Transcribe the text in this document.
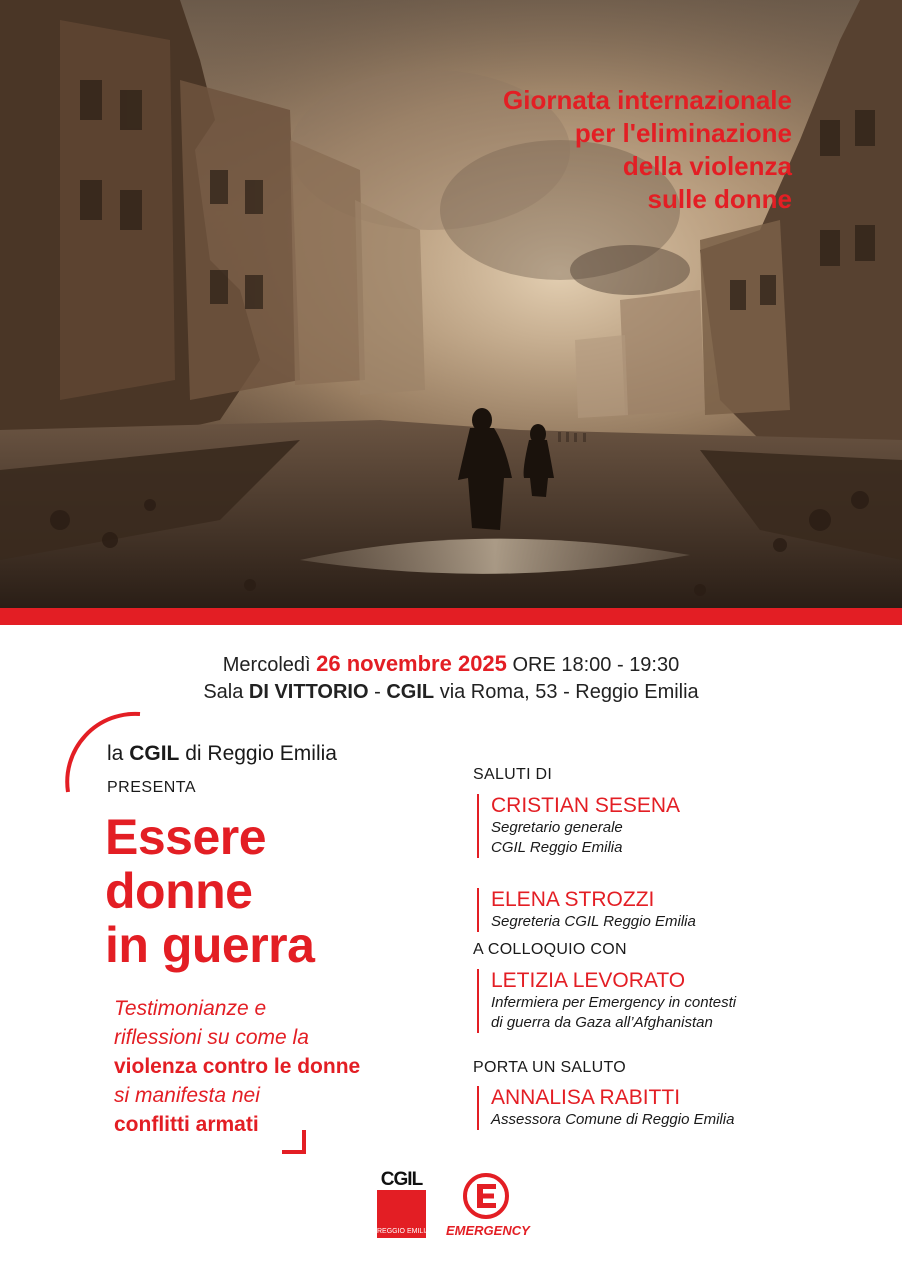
Giornata internazionale
per l'eliminazione
della violenza
sulle donne
Mercoledì 26 novembre 2025 ORE 18:00 - 19:30
Sala DI VITTORIO - CGIL via Roma, 53 - Reggio Emilia
la CGIL di Reggio Emilia
PRESENTA
Essere
donne
in guerra
Testimonianze e
riflessioni su come la
violenza contro le donne
si manifesta nei
conflitti armati
SALUTI DI
CRISTIAN SESENA
Segretario generale
CGIL Reggio Emilia
ELENA STROZZI
Segreteria CGIL Reggio Emilia
A COLLOQUIO CON
LETIZIA LEVORATO
Infermiera per Emergency in contesti
di guerra da Gaza all’Afghanistan
PORTA UN SALUTO
ANNALISA RABITTI
Assessora Comune di Reggio Emilia
CGIL
REGGIO EMILIA EMERGENCY
